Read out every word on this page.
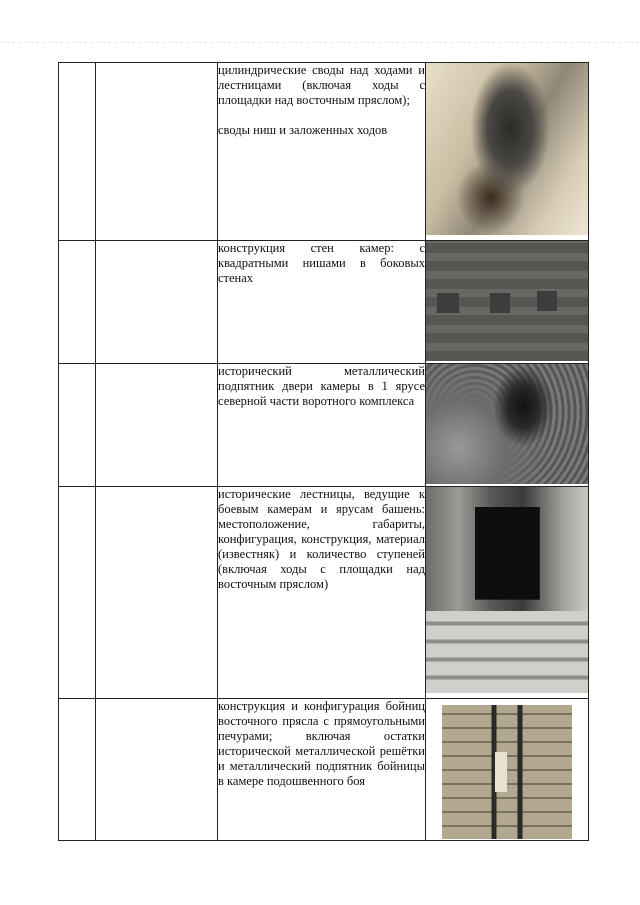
		цилиндрические своды над ходами и лестницами (включая ходы с площадки над восточным пряслом);
своды ниш и заложенных ходов	

		конструкция стен камер: с квадратными нишами в боковых стенах	

		исторический металлический подпятник двери камеры в 1 ярусе северной части воротного комплекса	

		исторические лестницы, ведущие к боевым камерам и ярусам башень: местоположение, габариты, конфигурация, конструкция, материал (известняк) и количество ступеней (включая ходы с площадки над восточным пряслом)	

		конструкция и конфигурация бойниц восточного прясла с прямоугольными печурами; включая остатки исторической металлической решётки и металлический подпятник бойницы в камере подошвенного боя	
